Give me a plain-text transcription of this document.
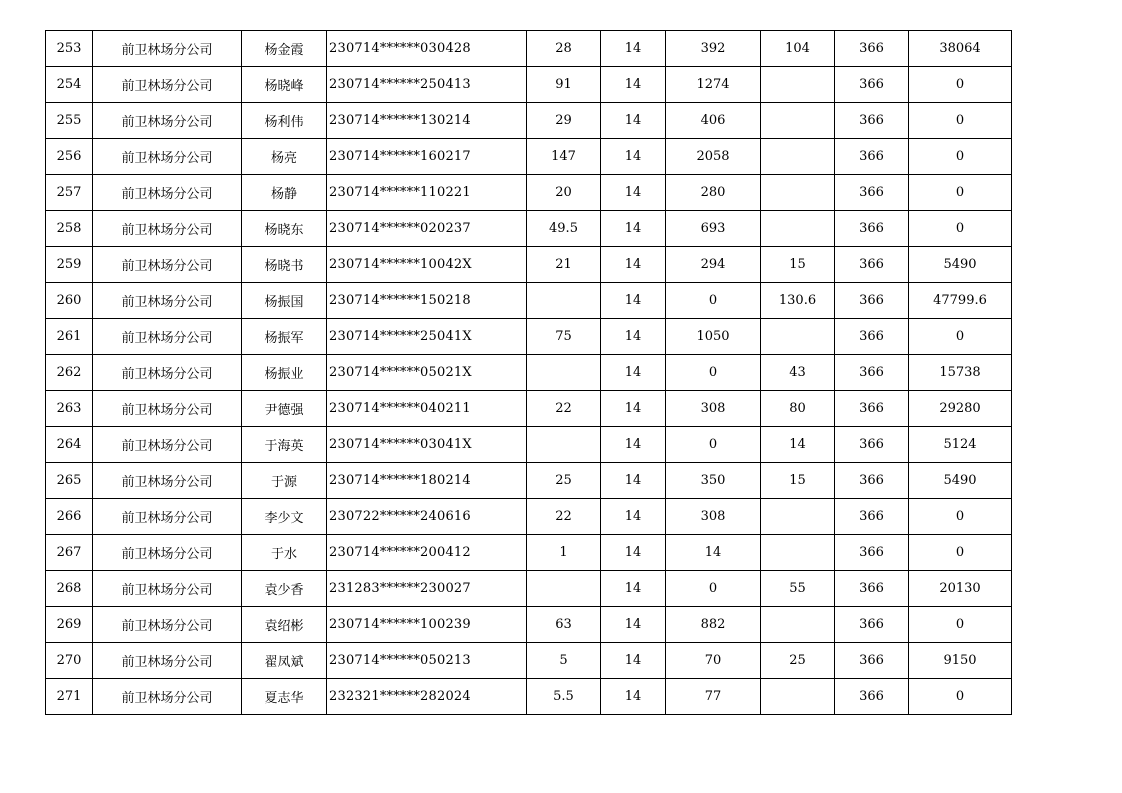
253	前卫林场分公司	杨金霞	230714******030428	28	14	392	104	366	38064
254	前卫林场分公司	杨晓峰	230714******250413	91	14	1274		366	0
255	前卫林场分公司	杨利伟	230714******130214	29	14	406		366	0
256	前卫林场分公司	杨亮	230714******160217	147	14	2058		366	0
257	前卫林场分公司	杨静	230714******110221	20	14	280		366	0
258	前卫林场分公司	杨晓东	230714******020237	49.5	14	693		366	0
259	前卫林场分公司	杨晓书	230714******10042X	21	14	294	15	366	5490
260	前卫林场分公司	杨振国	230714******150218		14	0	130.6	366	47799.6
261	前卫林场分公司	杨振军	230714******25041X	75	14	1050		366	0
262	前卫林场分公司	杨振业	230714******05021X		14	0	43	366	15738
263	前卫林场分公司	尹德强	230714******040211	22	14	308	80	366	29280
264	前卫林场分公司	于海英	230714******03041X		14	0	14	366	5124
265	前卫林场分公司	于源	230714******180214	25	14	350	15	366	5490
266	前卫林场分公司	李少文	230722******240616	22	14	308		366	0
267	前卫林场分公司	于水	230714******200412	1	14	14		366	0
268	前卫林场分公司	袁少香	231283******230027		14	0	55	366	20130
269	前卫林场分公司	袁绍彬	230714******100239	63	14	882		366	0
270	前卫林场分公司	翟凤斌	230714******050213	5	14	70	25	366	9150
271	前卫林场分公司	夏志华	232321******282024	5.5	14	77		366	0
